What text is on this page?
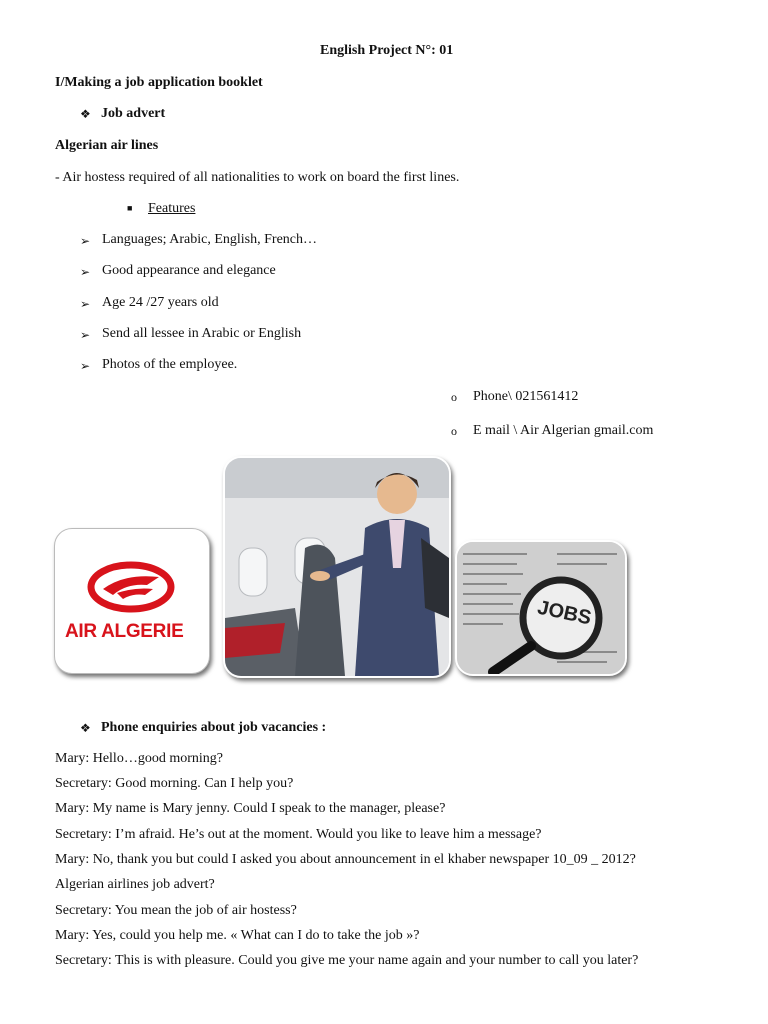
English Project N°: 01
I/Making a job application booklet
❖ Job advert
Algerian air lines
- Air hostess required of all nationalities to work on board the first lines.
■ Features
➢ Languages; Arabic, English, French…
➢ Good appearance and elegance
➢ Age 24 /27 years old
➢ Send all lessee in Arabic or English
➢ Photos of the employee.
o Phone\ 021561412
o E mail \ Air Algerian gmail.com
AIR ALGERIE
JOBS
❖ Phone enquiries about job vacancies :
Mary: Hello…good morning?
Secretary: Good morning. Can I help you?
Mary: My name is Mary jenny. Could I speak to the manager, please?
Secretary: I’m afraid. He’s out at the moment. Would you like to leave him a message?
Mary: No, thank you but could I asked you about announcement in el khaber newspaper 10_09 _ 2012?
Algerian airlines job advert?
Secretary: You mean the job of air hostess?
Mary: Yes, could you help me. « What can I do to take the job »?
Secretary: This is with pleasure. Could you give me your name again and your number to call you later?
